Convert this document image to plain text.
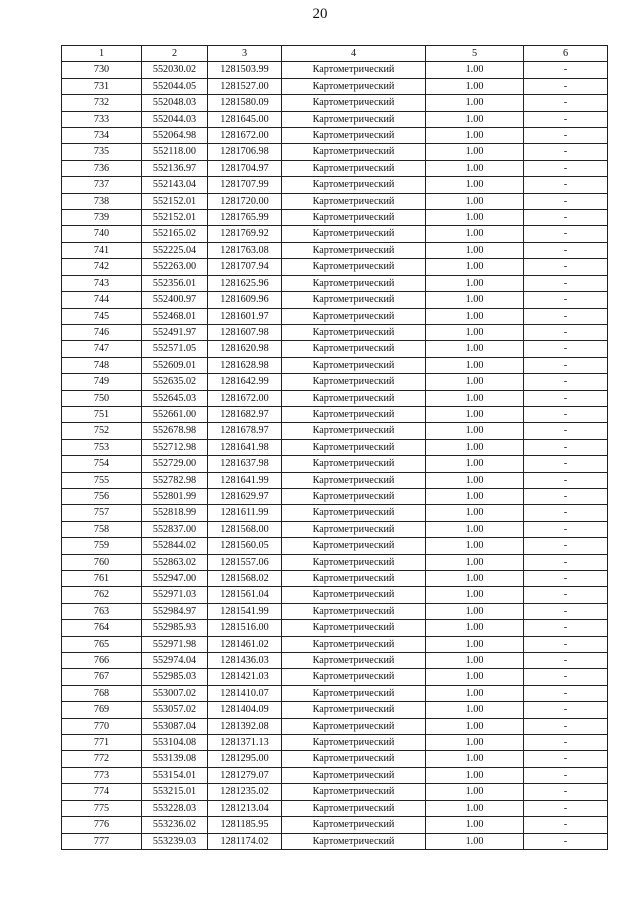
20
1	2	3	4	5	6
730	552030.02	1281503.99	Картометрический	1.00	-
731	552044.05	1281527.00	Картометрический	1.00	-
732	552048.03	1281580.09	Картометрический	1.00	-
733	552044.03	1281645.00	Картометрический	1.00	-
734	552064.98	1281672.00	Картометрический	1.00	-
735	552118.00	1281706.98	Картометрический	1.00	-
736	552136.97	1281704.97	Картометрический	1.00	-
737	552143.04	1281707.99	Картометрический	1.00	-
738	552152.01	1281720.00	Картометрический	1.00	-
739	552152.01	1281765.99	Картометрический	1.00	-
740	552165.02	1281769.92	Картометрический	1.00	-
741	552225.04	1281763.08	Картометрический	1.00	-
742	552263.00	1281707.94	Картометрический	1.00	-
743	552356.01	1281625.96	Картометрический	1.00	-
744	552400.97	1281609.96	Картометрический	1.00	-
745	552468.01	1281601.97	Картометрический	1.00	-
746	552491.97	1281607.98	Картометрический	1.00	-
747	552571.05	1281620.98	Картометрический	1.00	-
748	552609.01	1281628.98	Картометрический	1.00	-
749	552635.02	1281642.99	Картометрический	1.00	-
750	552645.03	1281672.00	Картометрический	1.00	-
751	552661.00	1281682.97	Картометрический	1.00	-
752	552678.98	1281678.97	Картометрический	1.00	-
753	552712.98	1281641.98	Картометрический	1.00	-
754	552729.00	1281637.98	Картометрический	1.00	-
755	552782.98	1281641.99	Картометрический	1.00	-
756	552801.99	1281629.97	Картометрический	1.00	-
757	552818.99	1281611.99	Картометрический	1.00	-
758	552837.00	1281568.00	Картометрический	1.00	-
759	552844.02	1281560.05	Картометрический	1.00	-
760	552863.02	1281557.06	Картометрический	1.00	-
761	552947.00	1281568.02	Картометрический	1.00	-
762	552971.03	1281561.04	Картометрический	1.00	-
763	552984.97	1281541.99	Картометрический	1.00	-
764	552985.93	1281516.00	Картометрический	1.00	-
765	552971.98	1281461.02	Картометрический	1.00	-
766	552974.04	1281436.03	Картометрический	1.00	-
767	552985.03	1281421.03	Картометрический	1.00	-
768	553007.02	1281410.07	Картометрический	1.00	-
769	553057.02	1281404.09	Картометрический	1.00	-
770	553087.04	1281392.08	Картометрический	1.00	-
771	553104.08	1281371.13	Картометрический	1.00	-
772	553139.08	1281295.00	Картометрический	1.00	-
773	553154.01	1281279.07	Картометрический	1.00	-
774	553215.01	1281235.02	Картометрический	1.00	-
775	553228.03	1281213.04	Картометрический	1.00	-
776	553236.02	1281185.95	Картометрический	1.00	-
777	553239.03	1281174.02	Картометрический	1.00	-
